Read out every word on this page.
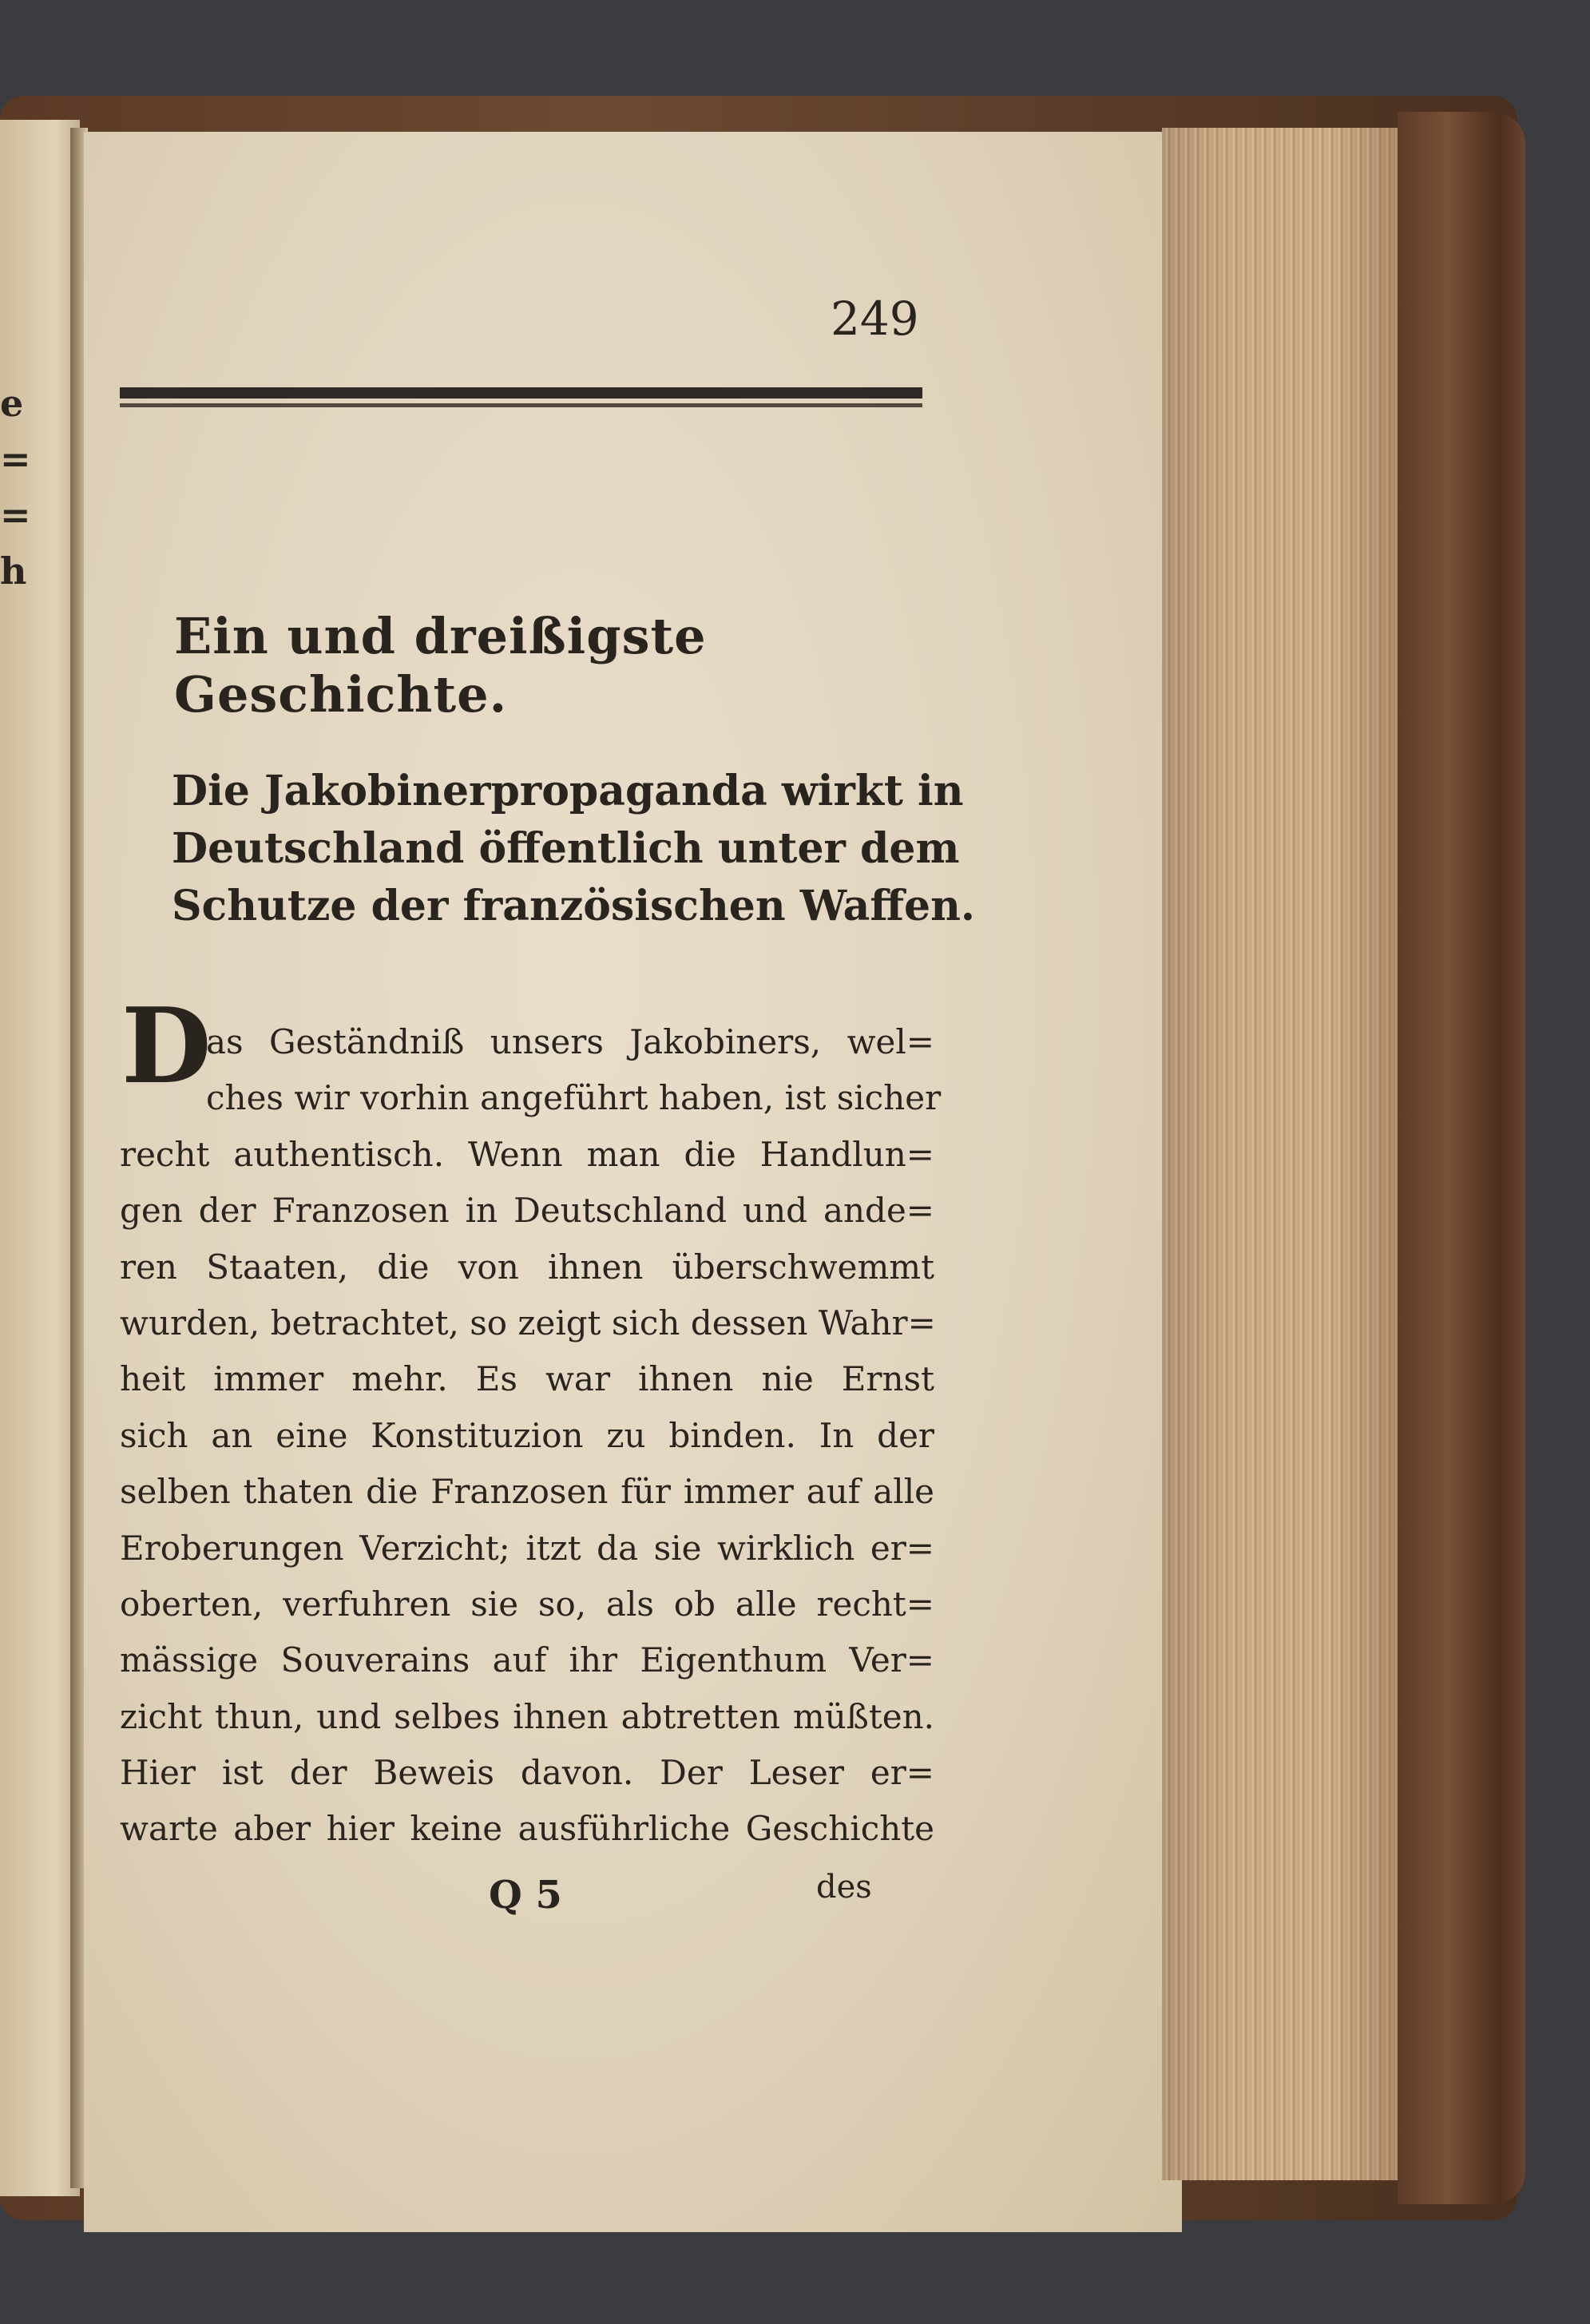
e
=
=
h
249
Ein und dreißigste Geschichte.
Die Jakobinerpropaganda wirkt in
Deutschland öffentlich unter dem
Schutze der französischen Waffen.
D
as Geständniß unsers Jakobiners, wel=
ches wir vorhin angeführt haben, ist sicher
recht authentisch. Wenn man die Handlun=
gen der Franzosen in Deutschland und ande=
ren Staaten, die von ihnen überschwemmt
wurden, betrachtet, so zeigt sich dessen Wahr=
heit immer mehr. Es war ihnen nie Ernst
sich an eine Konstituzion zu binden. In der
selben thaten die Franzosen für immer auf alle
Eroberungen Verzicht; itzt da sie wirklich er=
oberten, verfuhren sie so, als ob alle recht=
mässige Souverains auf ihr Eigenthum Ver=
zicht thun, und selbes ihnen abtretten müßten.
Hier ist der Beweis davon. Der Leser er=
warte aber hier keine ausführliche Geschichte
Q 5	des
